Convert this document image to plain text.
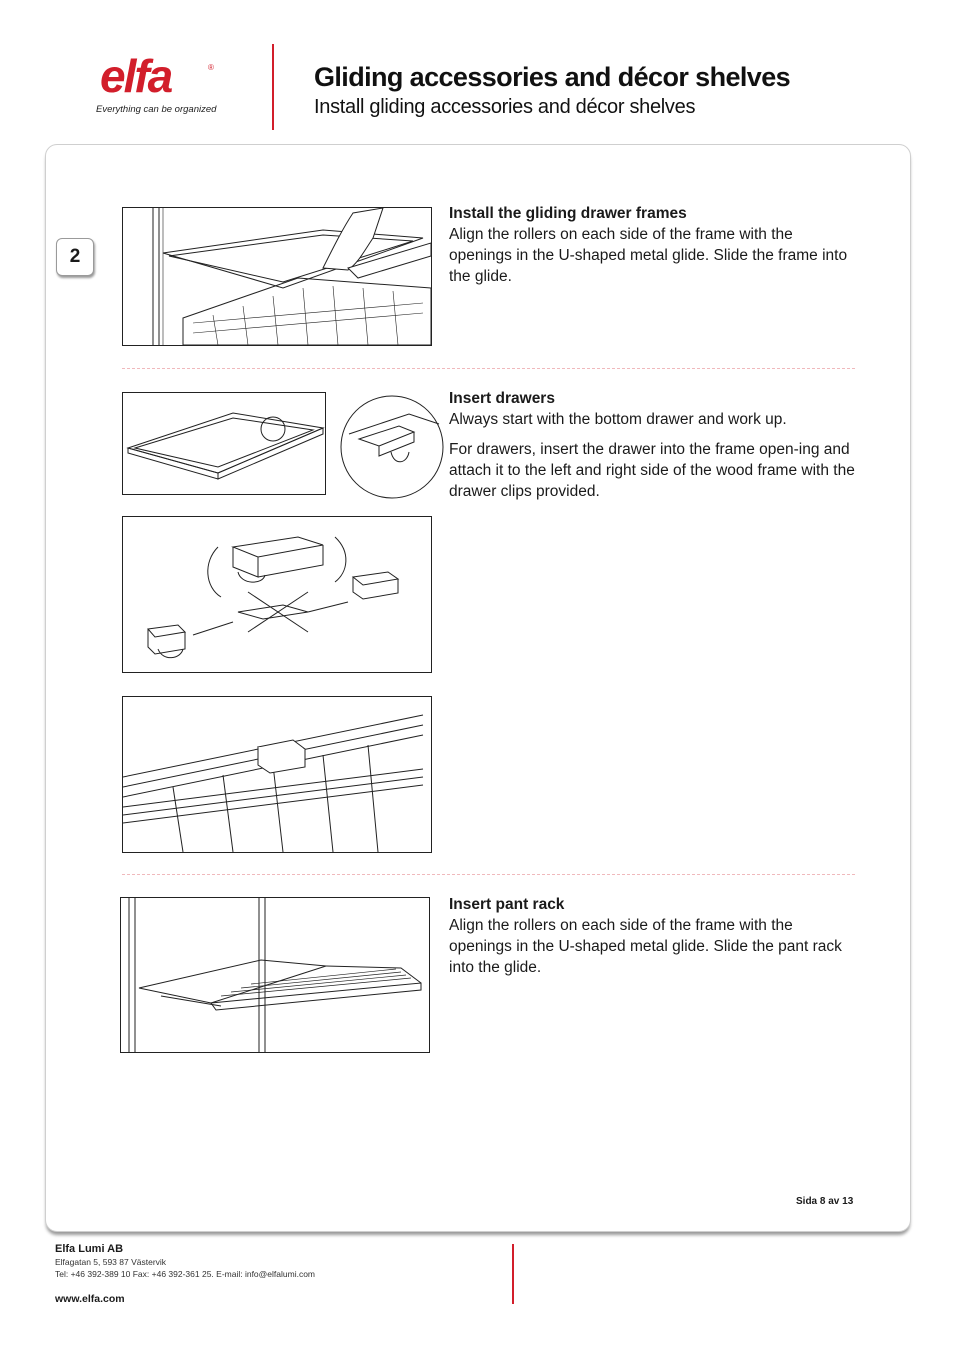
elfa	®
Everything can be organized
Gliding accessories and décor shelves
Install gliding accessories and décor shelves
2

Install the gliding drawer frames

Align the rollers on each side of the frame with the openings in the U-shaped metal glide. Slide the frame into the glide.

Insert drawers

Always start with the bottom drawer and work up.

For drawers, insert the drawer into the frame open-ing and attach it to the left and right side of the wood frame with the drawer clips provided.

Insert pant rack

Align the rollers on each side of the frame with the openings in the U-shaped metal glide. Slide the pant rack into the glide.

Sida 8 av 13
Elfa Lumi AB
Elfagatan 5, 593 87 Västervik
Tel: +46 392-389 10 Fax: +46 392-361 25. E-mail: info@elfalumi.com
www.elfa.com
